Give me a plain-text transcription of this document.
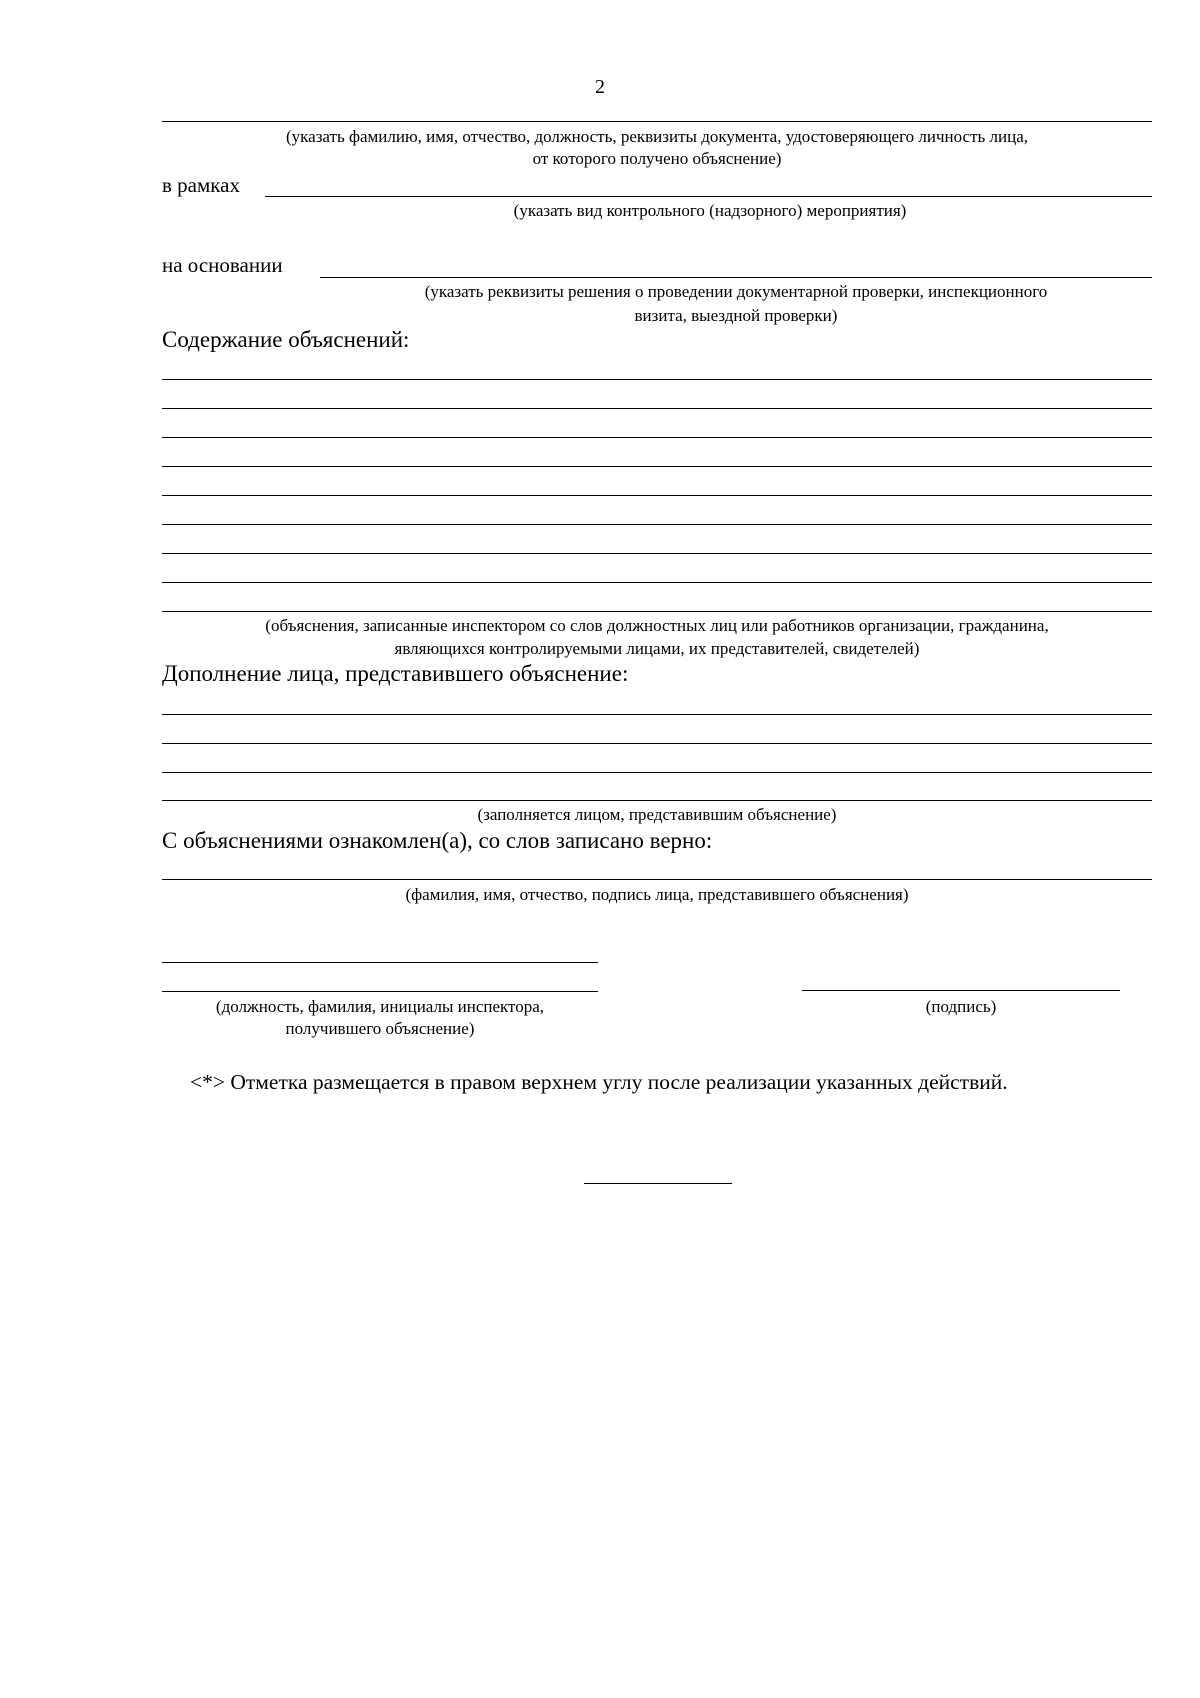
2
(указать фамилию, имя, отчество, должность, реквизиты документа, удостоверяющего личность лица,
от которого получено объяснение)
в рамках
(указать вид контрольного (надзорного) мероприятия)
на основании
(указать реквизиты решения о проведении документарной проверки, инспекционного
визита, выездной проверки)
Содержание объяснений:
(объяснения, записанные инспектором со слов должностных лиц или работников организации, гражданина,
являющихся контролируемыми лицами, их представителей, свидетелей)
Дополнение лица, представившего объяснение:
(заполняется лицом, представившим объяснение)
С объяснениями ознакомлен(а), со слов записано верно:
(фамилия, имя, отчество, подпись лица, представившего объяснения)
(должность, фамилия, инициалы инспектора,
получившего объяснение)
(подпись)
<*> Отметка размещается в правом верхнем углу после реализации указанных действий.
